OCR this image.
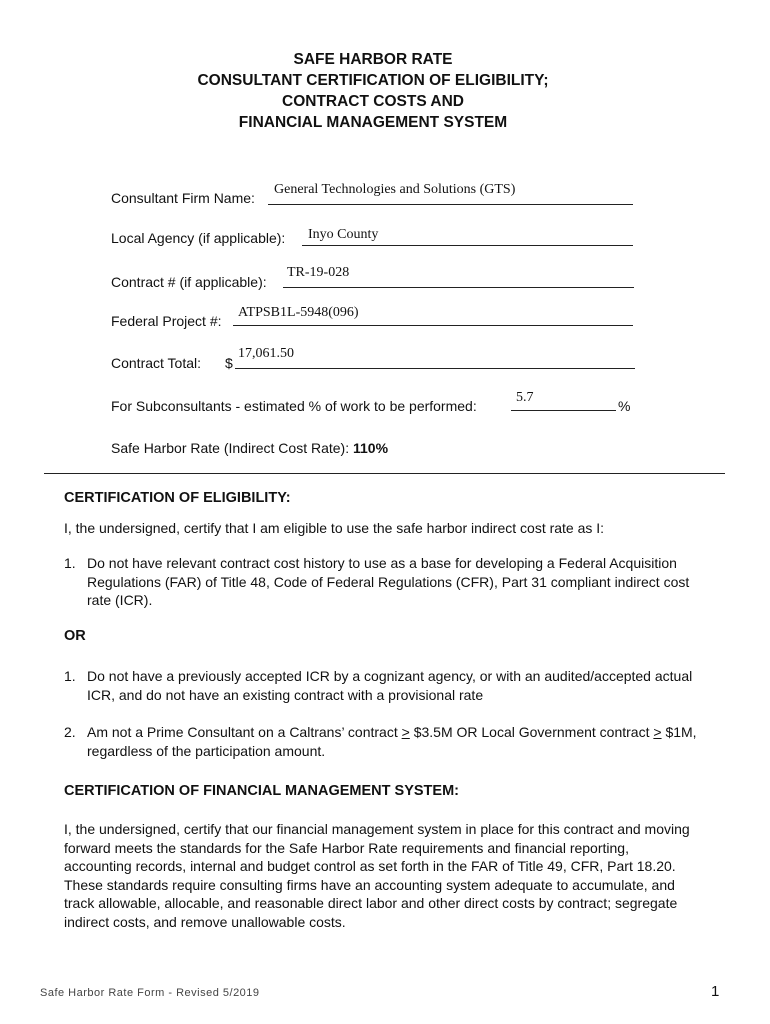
SAFE HARBOR RATE
CONSULTANT CERTIFICATION OF ELIGIBILITY;
CONTRACT COSTS AND
FINANCIAL MANAGEMENT SYSTEM
Consultant Firm Name:
General Technologies and Solutions (GTS)
Local Agency (if applicable): Inyo County
Contract # (if applicable):
TR-19-028
Federal Project #:
ATPSB1L-5948(096)
Contract Total: $
17,061.50
For Subconsultants - estimated % of work to be performed:
5.7
%
Safe Harbor Rate (Indirect Cost Rate): 110%
CERTIFICATION OF ELIGIBILITY:
I, the undersigned, certify that I am eligible to use the safe harbor indirect cost rate as I:
1. Do not have relevant contract cost history to use as a base for developing a Federal Acquisition Regulations (FAR) of Title 48, Code of Federal Regulations (CFR), Part 31 compliant indirect cost rate (ICR).
OR
1. Do not have a previously accepted ICR by a cognizant agency, or with an audited/accepted actual ICR, and do not have an existing contract with a provisional rate
2. Am not a Prime Consultant on a Caltrans’ contract ≥ $3.5M OR Local Government contract ≥ $1M, regardless of the participation amount.
CERTIFICATION OF FINANCIAL MANAGEMENT SYSTEM:
I, the undersigned, certify that our financial management system in place for this contract and moving forward meets the standards for the Safe Harbor Rate requirements and financial reporting, accounting records, internal and budget control as set forth in the FAR of Title 49, CFR, Part 18.20. These standards require consulting firms have an accounting system adequate to accumulate, and track allowable, allocable, and reasonable direct labor and other direct costs by contract; segregate indirect costs, and remove unallowable costs.
Safe Harbor Rate Form - Revised 5/2019	1
